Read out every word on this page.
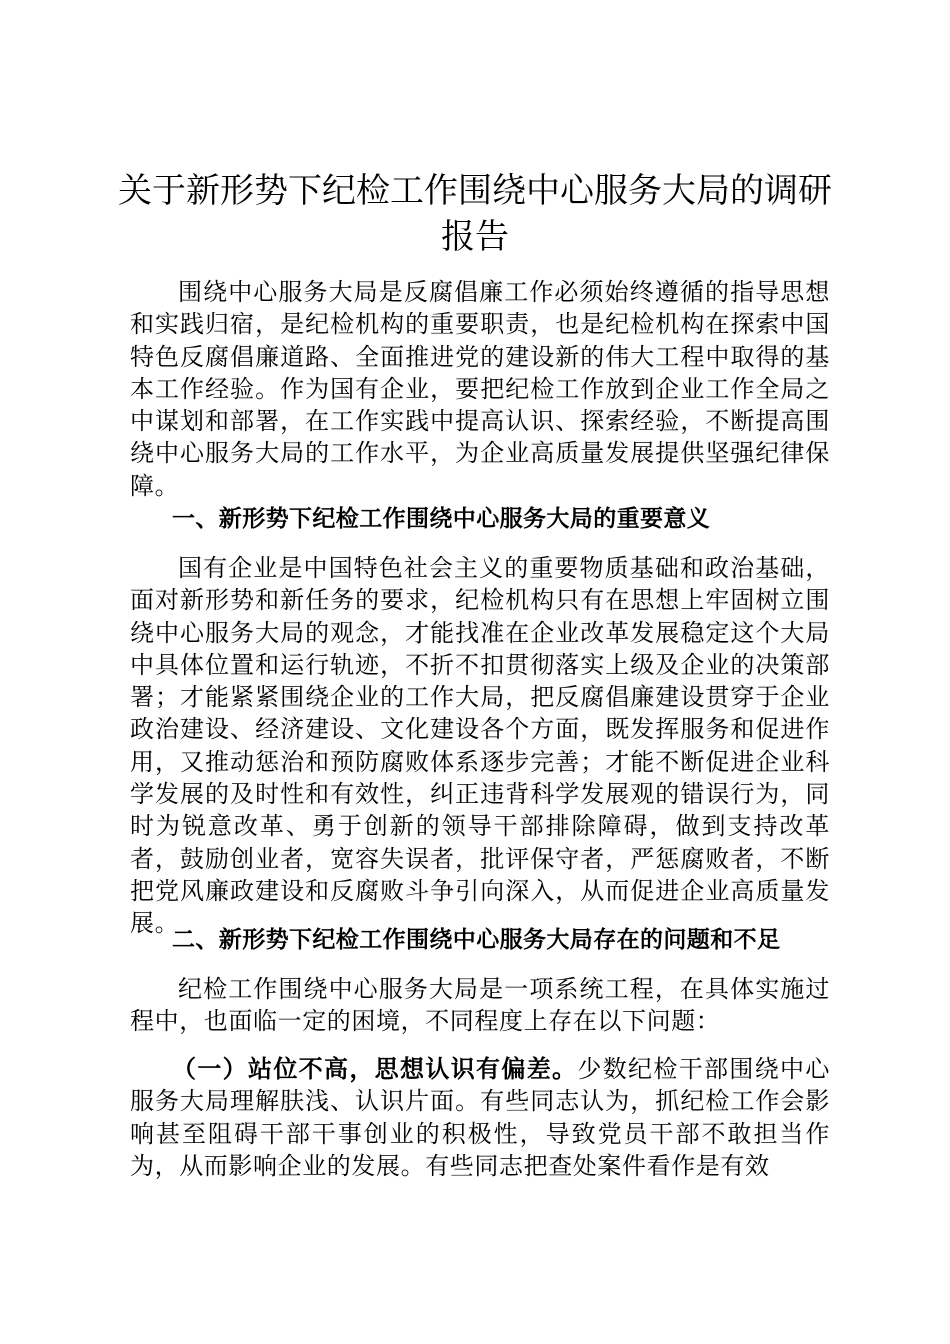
关于新形势下纪检工作围绕中心服务大局的调研报告

围绕中心服务大局是反腐倡廉工作必须始终遵循的指导思想和实践归宿，是纪检机构的重要职责，也是纪检机构在探索中国特色反腐倡廉道路、全面推进党的建设新的伟大工程中取得的基本工作经验。作为国有企业，要把纪检工作放到企业工作全局之中谋划和部署，在工作实践中提高认识、探索经验，不断提高围绕中心服务大局的工作水平，为企业高质量发展提供坚强纪律保障。

一、新形势下纪检工作围绕中心服务大局的重要意义

国有企业是中国特色社会主义的重要物质基础和政治基础，面对新形势和新任务的要求，纪检机构只有在思想上牢固树立围绕中心服务大局的观念，才能找准在企业改革发展稳定这个大局中具体位置和运行轨迹，不折不扣贯彻落实上级及企业的决策部署；才能紧紧围绕企业的工作大局，把反腐倡廉建设贯穿于企业政治建设、经济建设、文化建设各个方面，既发挥服务和促进作用，又推动惩治和预防腐败体系逐步完善；才能不断促进企业科学发展的及时性和有效性，纠正违背科学发展观的错误行为，同时为锐意改革、勇于创新的领导干部排除障碍，做到支持改革者，鼓励创业者，宽容失误者，批评保守者，严惩腐败者，不断把党风廉政建设和反腐败斗争引向深入，从而促进企业高质量发展。

二、新形势下纪检工作围绕中心服务大局存在的问题和不足

纪检工作围绕中心服务大局是一项系统工程，在具体实施过程中，也面临一定的困境，不同程度上存在以下问题：

（一）站位不高，思想认识有偏差。少数纪检干部围绕中心服务大局理解肤浅、认识片面。有些同志认为，抓纪检工作会影响甚至阻碍干部干事创业的积极性，导致党员干部不敢担当作为，从而影响企业的发展。有些同志把查处案件看作是有效
